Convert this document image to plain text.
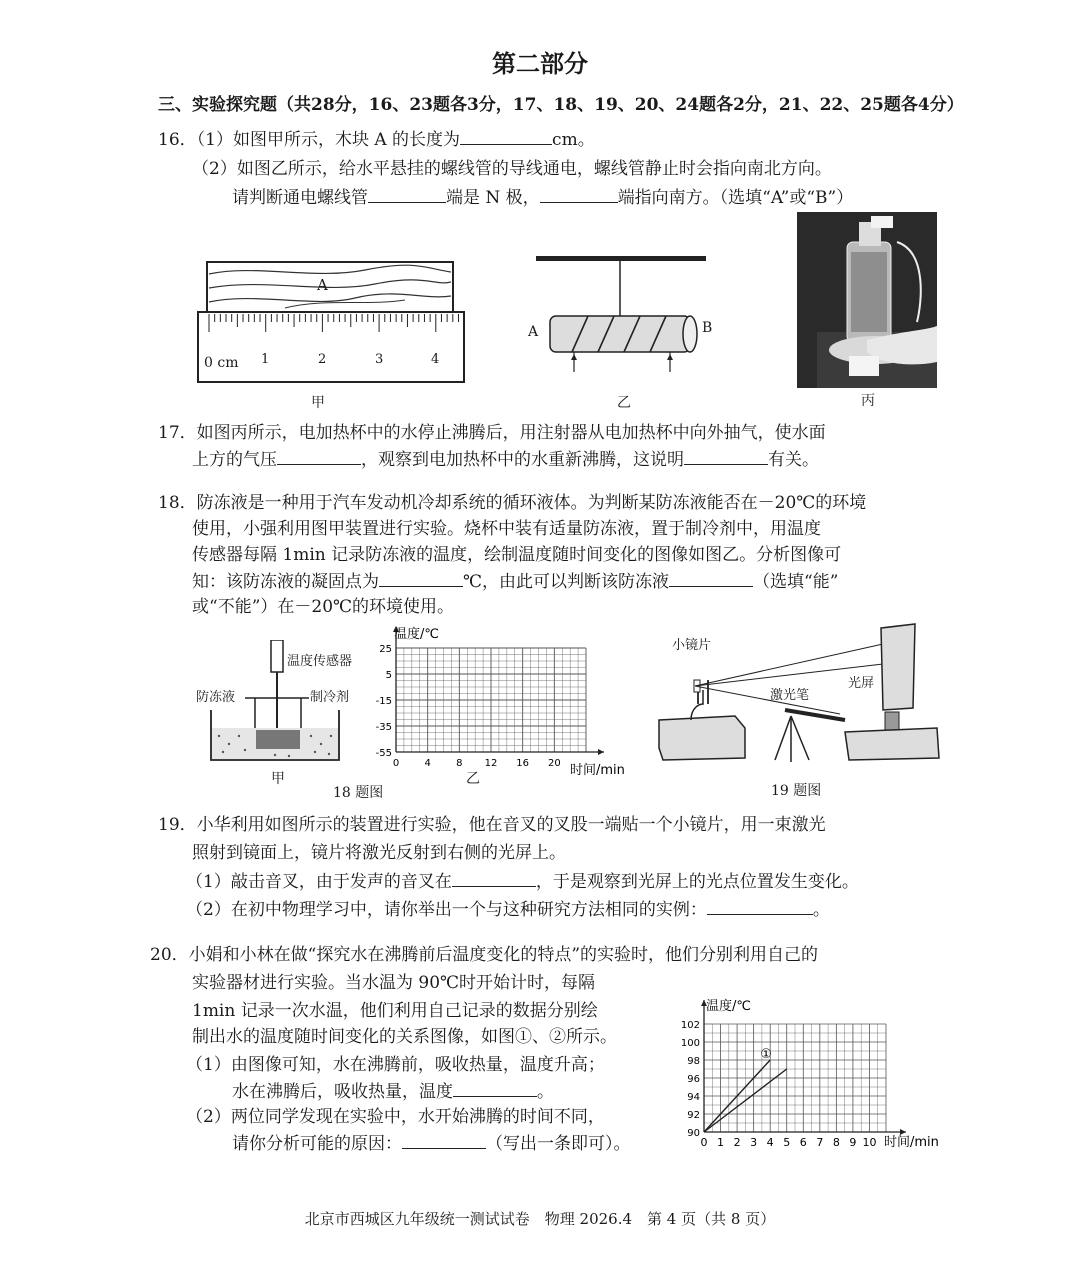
第二部分
三、实验探究题（共28分，16、23题各3分，17、18、19、20、24题各2分，21、22、25题各4分）
16．（1）如图甲所示，木块 A 的长度为	cm。
（2）如图乙所示，给水平悬挂的螺线管的导线通电，螺线管静止时会指向南北方向。
请判断通电螺线管	端是 N 极，	端指向南方。（选填“A”或“B”）
A
0 cm 1	2	3	4
甲
A	B
乙	丙
17．如图丙所示，电加热杯中的水停止沸腾后，用注射器从电加热杯中向外抽气，使水面
上方的气压	，观察到电加热杯中的水重新沸腾，这说明	有关。
18．防冻液是一种用于汽车发动机冷却系统的循环液体。为判断某防冻液能否在－20℃的环境
使用，小强利用图甲装置进行实验。烧杯中装有适量防冻液，置于制冷剂中，用温度
传感器每隔 1min 记录防冻液的温度，绘制温度随时间变化的图像如图乙。分析图像可
知：该防冻液的凝固点为	℃，由此可以判断该防冻液	（选填“能”
或“不能”）在－20℃的环境使用。
温度传感器
防冻液	制冷剂
甲
18 题图
25
5
-15
-35
-55
0	4	8 12 16 20
温度/℃
时间/min
乙
小镜片
激光笔
光屏
19 题图
19．小华利用如图所示的装置进行实验，他在音叉的叉股一端贴一个小镜片，用一束激光
照射到镜面上，镜片将激光反射到右侧的光屏上。
（1）敲击音叉，由于发声的音叉在	，于是观察到光屏上的光点位置发生变化。
（2）在初中物理学习中，请你举出一个与这种研究方法相同的实例：	。
20．小娟和小林在做“探究水在沸腾前后温度变化的特点”的实验时，他们分别利用自己的
实验器材进行实验。当水温为 90℃时开始计时，每隔
1min 记录一次水温，他们利用自己记录的数据分别绘
制出水的温度随时间变化的关系图像，如图①、②所示。
（1）由图像可知，水在沸腾前，吸收热量，温度升高；
水在沸腾后，吸收热量，温度	。
（2）两位同学发现在实验中，水开始沸腾的时间不同，
请你分析可能的原因：	（写出一条即可）。
90
92
94
96
98
100
102
0 1 2 3 4 5 6 7 8 9 10
温度/℃
时间/min
①
北京市西城区九年级统一测试试卷　物理 2026.4　第 4 页（共 8 页）
